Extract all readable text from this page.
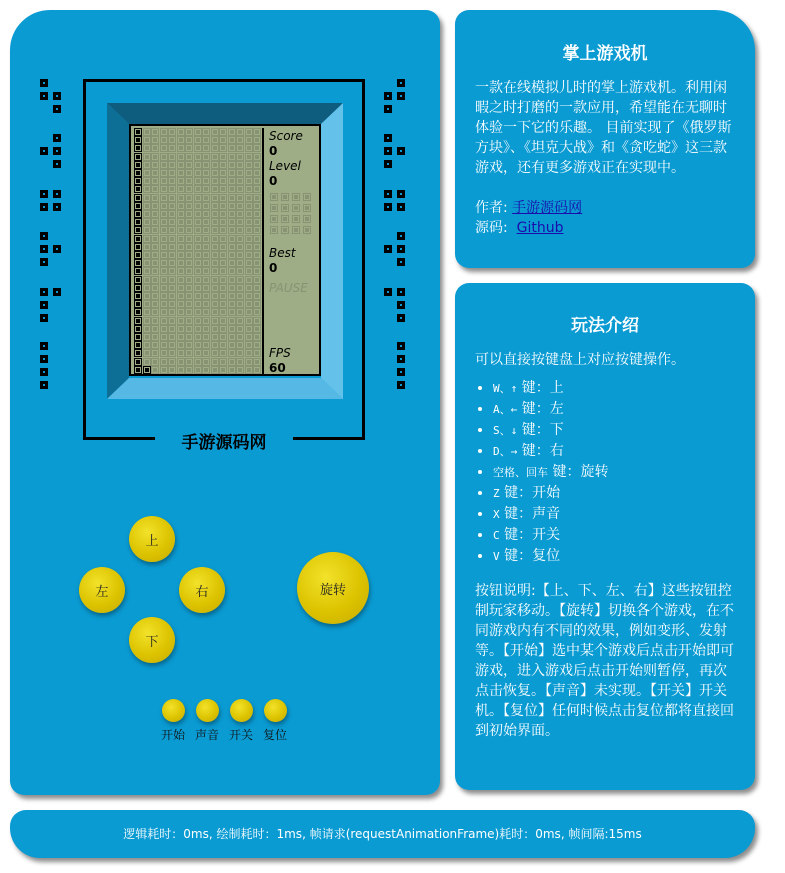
手游源码网
Score
0
Level
0
Best
0
PAUSE
FPS
60
上
左	右
下
旋转
开始 声音 开关 复位
掌上游戏机
一款在线模拟儿时的掌上游戏机。利用闲暇之时打磨的一款应用，希望能在无聊时体验一下它的乐趣。 目前实现了《俄罗斯方块》、《坦克大战》和《贪吃蛇》这三款游戏，还有更多游戏正在实现中。
作者: 手游源码网
源码: Github
玩法介绍
可以直接按键盘上对应按键操作。
• W、↑ 键：上
• A、← 键：左
• S、↓ 键：下
• D、→ 键：右
• 空格、回车 键：旋转
• Z 键：开始
• X 键：声音
• C 键：开关
• V 键：复位
按钮说明:【上、下、左、右】这些按钮控制玩家移动。【旋转】切换各个游戏，在不同游戏内有不同的效果，例如变形、发射等。【开始】选中某个游戏后点击开始即可游戏，进入游戏后点击开始则暂停，再次点击恢复。【声音】未实现。【开关】开关机。【复位】任何时候点击复位都将直接回到初始界面。
逻辑耗时：0ms, 绘制耗时：1ms, 帧请求(requestAnimationFrame)耗时：0ms, 帧间隔:15ms
